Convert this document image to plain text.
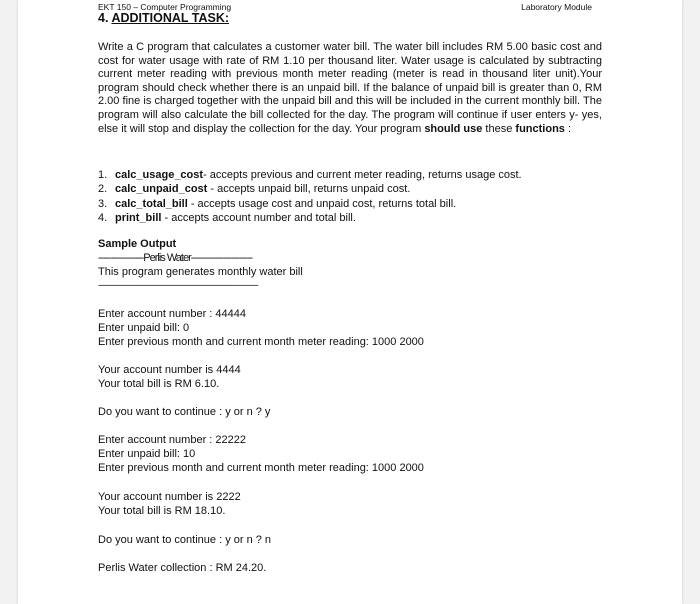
EKT 150 – Computer Programming	Laboratory Module
4. ADDITIONAL TASK:
Write a C program that calculates a customer water bill. The water bill includes RM 5.00 basic cost and cost for water usage with rate of RM 1.10 per thousand liter. Water usage is calculated by subtracting current meter reading with previous month meter reading (meter is read in thousand liter unit).Your program should check whether there is an unpaid bill. If the balance of unpaid bill is greater than 0, RM 2.00 fine is charged together with the unpaid bill and this will be included in the current monthly bill. The program will also calculate the bill collected for the day. The program will continue if user enters y- yes, else it will stop and display the collection for the day. Your program should use these functions :
1. calc_usage_cost- accepts previous and current meter reading, returns usage cost.
2. calc_unpaid_cost - accepts unpaid bill, returns unpaid cost.
3. calc_total_bill - accepts usage cost and unpaid cost, returns total bill.
4. print_bill - accepts account number and total bill.
Sample Output
-----------------Perlis Water-----------------------
This program generates monthly water bill
--------------------------------------------------------------------------------
Enter account number : 44444
Enter unpaid bill: 0
Enter previous month and current month meter reading: 1000 2000
Your account number is 4444
Your total bill is RM 6.10.
Do you want to continue : y or n ? y
Enter account number : 22222
Enter unpaid bill: 10
Enter previous month and current month meter reading: 1000 2000
Your account number is 2222
Your total bill is RM 18.10.
Do you want to continue : y or n ? n
Perlis Water collection : RM 24.20.
